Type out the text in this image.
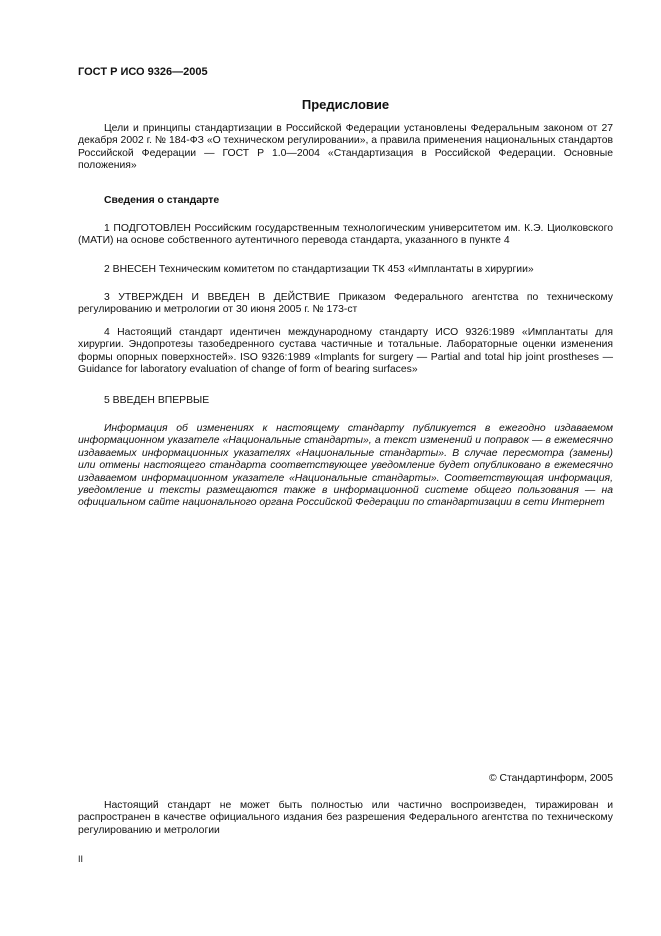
ГОСТ Р ИСО 9326—2005
Предисловие

Цели и принципы стандартизации в Российской Федерации установлены Федеральным законом от 27 декабря 2002 г. № 184-ФЗ «О техническом регулировании», а правила применения национальных стандартов Российской Федерации — ГОСТ Р 1.0—2004 «Стандартизация в Российской Федерации. Основные положения»

Сведения о стандарте

1 ПОДГОТОВЛЕН Российским государственным технологическим университетом им. К.Э. Циолковского (МАТИ) на основе собственного аутентичного перевода стандарта, указанного в пункте 4

2 ВНЕСЕН Техническим комитетом по стандартизации ТК 453 «Имплантаты в хирургии»

3 УТВЕРЖДЕН И ВВЕДЕН В ДЕЙСТВИЕ Приказом Федерального агентства по техническому регулированию и метрологии от 30 июня 2005 г. № 173-ст

4 Настоящий стандарт идентичен международному стандарту ИСО 9326:1989 «Имплантаты для хирургии. Эндопротезы тазобедренного сустава частичные и тотальные. Лабораторные оценки изменения формы опорных поверхностей». ISO 9326:1989 «Implants for surgery — Partial and total hip joint prostheses — Guidance for laboratory evaluation of change of form of bearing surfaces»

5 ВВЕДЕН ВПЕРВЫЕ

Информация об изменениях к настоящему стандарту публикуется в ежегодно издаваемом информационном указателе «Национальные стандарты», а текст изменений и поправок — в ежемесячно издаваемых информационных указателях «Национальные стандарты». В случае пересмотра (замены) или отмены настоящего стандарта соответствующее уведомление будет опубликовано в ежемесячно издаваемом информационном указателе «Национальные стандарты». Соответствующая информация, уведомление и тексты размещаются также в информационной системе общего пользования — на официальном сайте национального органа Российской Федерации по стандартизации в сети Интернет

© Стандартинформ, 2005

Настоящий стандарт не может быть полностью или частично воспроизведен, тиражирован и распространен в качестве официального издания без разрешения Федерального агентства по техническому регулированию и метрологии

II
